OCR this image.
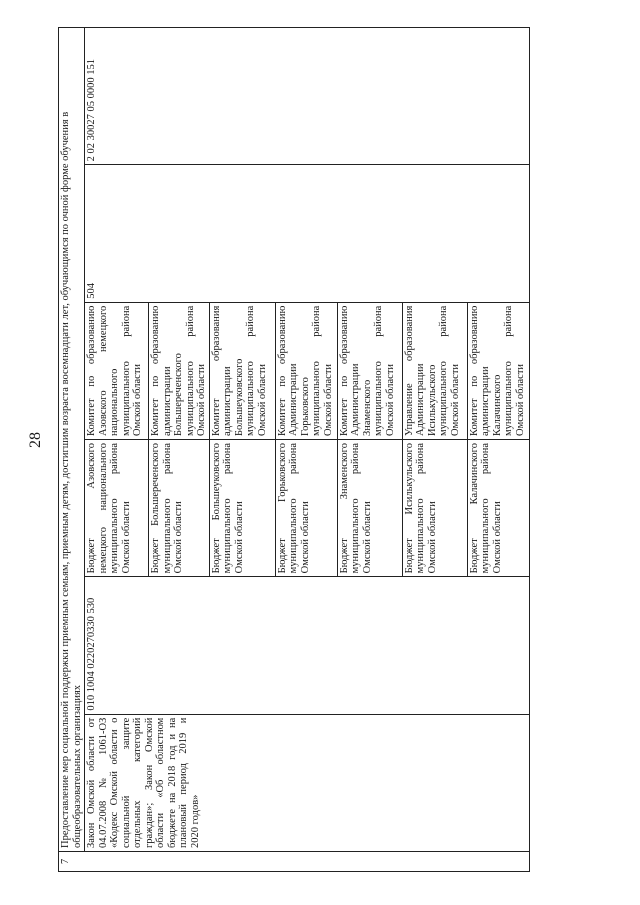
28
7	Предоставление мер социальной поддержки приемным семьям, приемным детям, достигшим возраста восемнадцати лет, обучающимся по очной форме обучения в общеобразовательных организациях					
	Закон Омской области от 04.07.2008 № 1061-ОЗ «Кодекс Омской области о социальной защите отдельных категорий граждан»; Закон Омской области «Об областном бюджете на 2018 год и на плановый период 2019 и 2020 годов»	010 1004 0220270330 530	Бюджет Азовского немецкого национального муниципального района Омской области	Комитет по образованию Азовского немецкого национального муниципального района Омской области	504	2 02 30027 05 0000 151
			Бюджет Большереченского муниципального района Омской области	Комитет по образованию администрации Большереченского муниципального района Омской области		
			Бюджет Большеуковского муниципального района Омской области	Комитет образования администрации Большеуковского муниципального района Омской области		
			Бюджет Горьковского муниципального района Омской области	Комитет по образованию Администрации Горьковского муниципального района Омской области		
			Бюджет Знаменского муниципального района Омской области	Комитет по образованию Администрации Знаменского муниципального района Омской области		
			Бюджет Исилькульского муниципального района Омской области	Управление образования Администрации Исилькульского муниципального района Омской области		
			Бюджет Калачинского муниципального района Омской области	Комитет по образованию администрации Калачинского муниципального района Омской области		
